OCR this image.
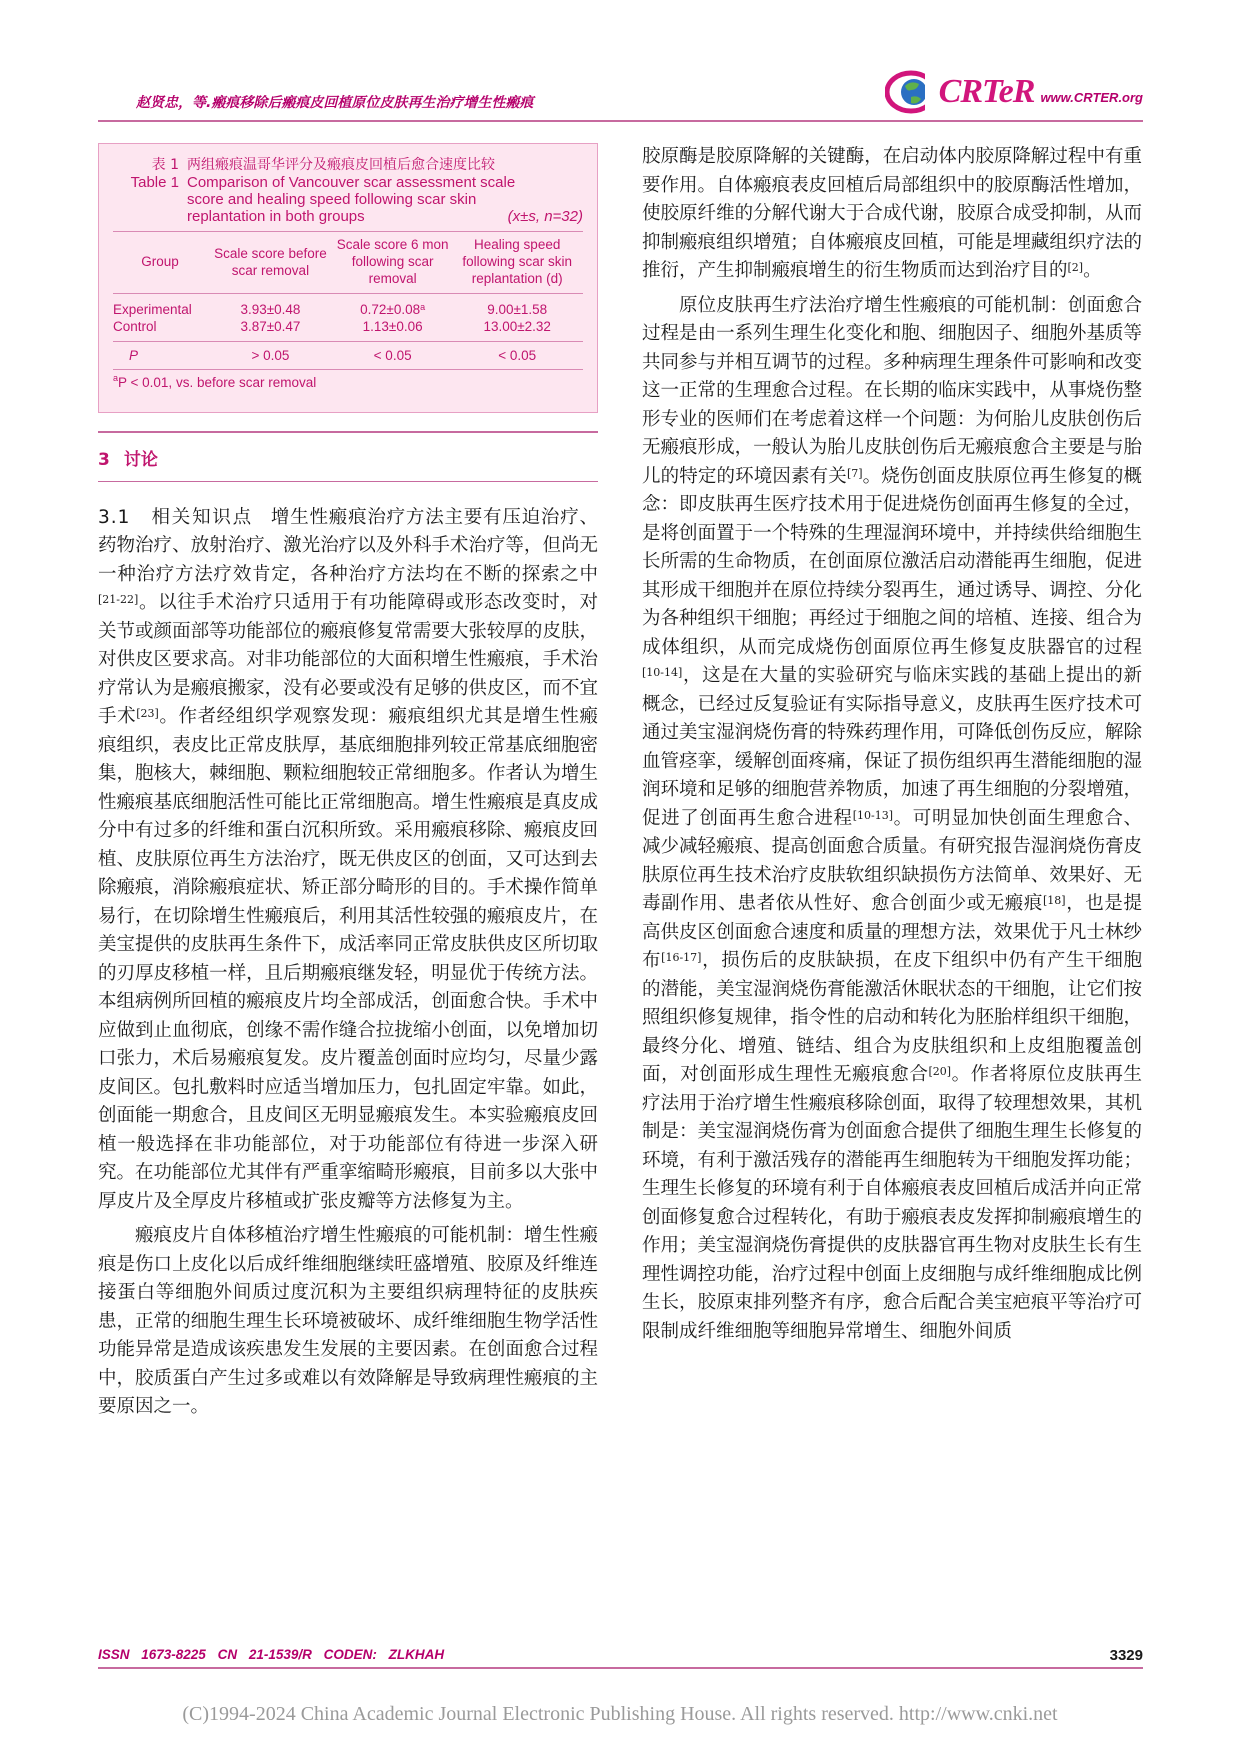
赵贤忠，等.瘢痕移除后瘢痕皮回植原位皮肤再生治疗增生性瘢痕	CRTeR www.CRTER.org
表 1 两组瘢痕温哥华评分及瘢痕皮回植后愈合速度比较
Table 1 Comparison of Vancouver scar assessment scale
score and healing speed following scar skin
replantation in both groups	(x±s, n=32)
Group	Scale score before scar removal	Scale score 6 mon following scar removal	Healing speed following scar skin replantation (d)
Experimental	3.93±0.48	0.72±0.08$^a$	9.00±1.58
Control	3.87±0.47	1.13±0.06	13.00±2.32
P	> 0.05	< 0.05	< 0.05
$^a$P < 0.01, vs. before scar removal
3 讨论

3.1　相关知识点 增生性瘢痕治疗方法主要有压迫治疗、药物治疗、放射治疗、激光治疗以及外科手术治疗等，但尚无一种治疗方法疗效肯定，各种治疗方法均在不断的探索之中[21-22]。以往手术治疗只适用于有功能障碍或形态改变时，对关节或颜面部等功能部位的瘢痕修复常需要大张较厚的皮肤，对供皮区要求高。对非功能部位的大面积增生性瘢痕，手术治疗常认为是瘢痕搬家，没有必要或没有足够的供皮区，而不宜手术[23]。作者经组织学观察发现：瘢痕组织尤其是增生性瘢痕组织，表皮比正常皮肤厚，基底细胞排列较正常基底细胞密集，胞核大，棘细胞、颗粒细胞较正常细胞多。作者认为增生性瘢痕基底细胞活性可能比正常细胞高。增生性瘢痕是真皮成分中有过多的纤维和蛋白沉积所致。采用瘢痕移除、瘢痕皮回植、皮肤原位再生方法治疗，既无供皮区的创面，又可达到去除瘢痕，消除瘢痕症状、矫正部分畸形的目的。手术操作简单易行，在切除增生性瘢痕后，利用其活性较强的瘢痕皮片，在美宝提供的皮肤再生条件下，成活率同正常皮肤供皮区所切取的刃厚皮移植一样，且后期瘢痕继发轻，明显优于传统方法。本组病例所回植的瘢痕皮片均全部成活，创面愈合快。手术中应做到止血彻底，创缘不需作缝合拉拢缩小创面，以免增加切口张力，术后易瘢痕复发。皮片覆盖创面时应均匀，尽量少露皮间区。包扎敷料时应适当增加压力，包扎固定牢靠。如此，创面能一期愈合，且皮间区无明显瘢痕发生。本实验瘢痕皮回植一般选择在非功能部位，对于功能部位有待进一步深入研究。在功能部位尤其伴有严重挛缩畸形瘢痕，目前多以大张中厚皮片及全厚皮片移植或扩张皮瓣等方法修复为主。

瘢痕皮片自体移植治疗增生性瘢痕的可能机制：增生性瘢痕是伤口上皮化以后成纤维细胞继续旺盛增殖、胶原及纤维连接蛋白等细胞外间质过度沉积为主要组织病理特征的皮肤疾患，正常的细胞生理生长环境被破坏、成纤维细胞生物学活性功能异常是造成该疾患发生发展的主要因素。在创面愈合过程中，胶质蛋白产生过多或难以有效降解是导致病理性瘢痕的主要原因之一。

胶原酶是胶原降解的关键酶，在启动体内胶原降解过程中有重要作用。自体瘢痕表皮回植后局部组织中的胶原酶活性增加，使胶原纤维的分解代谢大于合成代谢，胶原合成受抑制，从而抑制瘢痕组织增殖；自体瘢痕皮回植，可能是埋藏组织疗法的推衍，产生抑制瘢痕增生的衍生物质而达到治疗目的[2]。

原位皮肤再生疗法治疗增生性瘢痕的可能机制：创面愈合过程是由一系列生理生化变化和胞、细胞因子、细胞外基质等共同参与并相互调节的过程。多种病理生理条件可影响和改变这一正常的生理愈合过程。在长期的临床实践中，从事烧伤整形专业的医师们在考虑着这样一个问题：为何胎儿皮肤创伤后无瘢痕形成，一般认为胎儿皮肤创伤后无瘢痕愈合主要是与胎儿的特定的环境因素有关[7]。烧伤创面皮肤原位再生修复的概念：即皮肤再生医疗技术用于促进烧伤创面再生修复的全过，是将创面置于一个特殊的生理湿润环境中，并持续供给细胞生长所需的生命物质，在创面原位激活启动潜能再生细胞，促进其形成干细胞并在原位持续分裂再生，通过诱导、调控、分化为各种组织干细胞；再经过于细胞之间的培植、连接、组合为成体组织，从而完成烧伤创面原位再生修复皮肤器官的过程[10-14]，这是在大量的实验研究与临床实践的基础上提出的新概念，已经过反复验证有实际指导意义，皮肤再生医疗技术可通过美宝湿润烧伤膏的特殊药理作用，可降低创伤反应，解除血管痉挛，缓解创面疼痛，保证了损伤组织再生潜能细胞的湿润环境和足够的细胞营养物质，加速了再生细胞的分裂增殖，促进了创面再生愈合进程[10-13]。可明显加快创面生理愈合、减少减轻瘢痕、提高创面愈合质量。有研究报告湿润烧伤膏皮肤原位再生技术治疗皮肤软组织缺损伤方法简单、效果好、无毒副作用、患者依从性好、愈合创面少或无瘢痕[18]，也是提高供皮区创面愈合速度和质量的理想方法，效果优于凡士林纱布[16-17]，损伤后的皮肤缺损，在皮下组织中仍有产生干细胞的潜能，美宝湿润烧伤膏能激活休眠状态的干细胞，让它们按照组织修复规律，指令性的启动和转化为胚胎样组织干细胞，最终分化、增殖、链结、组合为皮肤组织和上皮组胞覆盖创面，对创面形成生理性无瘢痕愈合[20]。作者将原位皮肤再生疗法用于治疗增生性瘢痕移除创面，取得了较理想效果，其机制是：美宝湿润烧伤膏为创面愈合提供了细胞生理生长修复的环境，有利于激活残存的潜能再生细胞转为干细胞发挥功能；生理生长修复的环境有利于自体瘢痕表皮回植后成活并向正常创面修复愈合过程转化，有助于瘢痕表皮发挥抑制瘢痕增生的作用；美宝湿润烧伤膏提供的皮肤器官再生物对皮肤生长有生理性调控功能，治疗过程中创面上皮细胞与成纤维细胞成比例生长，胶原束排列整齐有序，愈合后配合美宝疤痕平等治疗可限制成纤维细胞等细胞异常增生、细胞外间质

ISSN 1673-8225 CN 21-1539/R CODEN: ZLKHAH	3329
(C)1994-2024 China Academic Journal Electronic Publishing House. All rights reserved. http://www.cnki.net
